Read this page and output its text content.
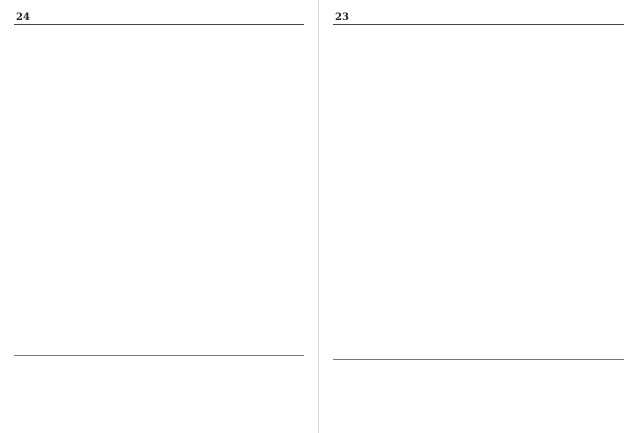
24	23
